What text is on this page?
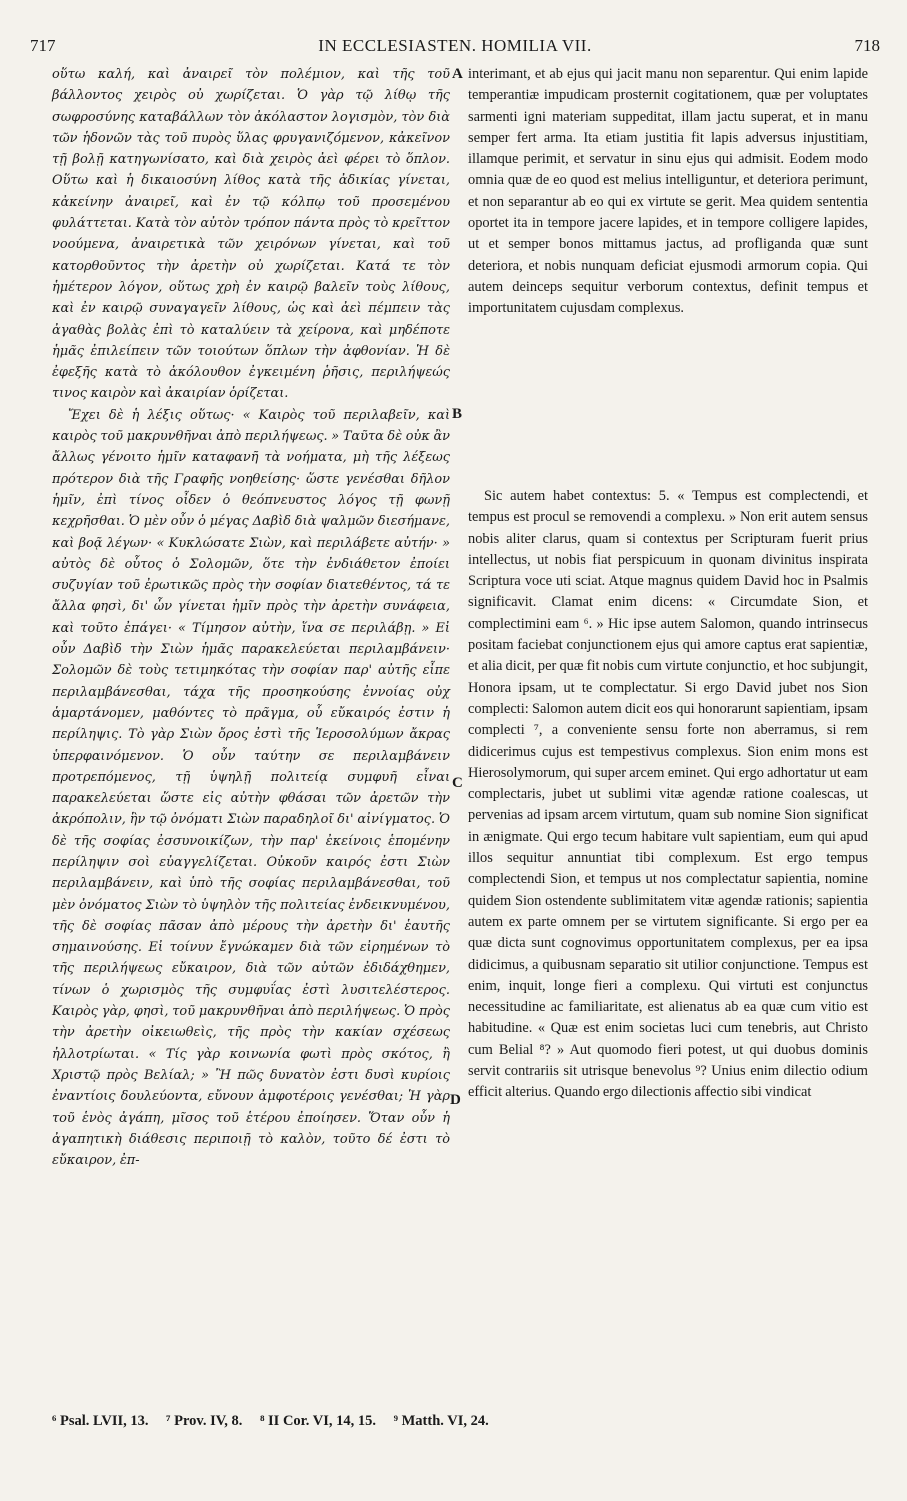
717	IN ECCLESIASTEN. HOMILIA VII.	718

οὕτω καλή, καὶ ἀναιρεῖ τὸν πολέμιον, καὶ τῆς τοῦ βάλλοντος χειρὸς οὐ χωρίζεται. Ὁ γὰρ τῷ λίθῳ τῆς σωφροσύνης καταβάλλων τὸν ἀκόλαστον λογισμὸν, τὸν διὰ τῶν ἡδονῶν τὰς τοῦ πυρὸς ὕλας φρυγανιζόμενον, κἀκεῖνον τῇ βολῇ κατηγωνίσατο, καὶ διὰ χειρὸς ἀεὶ φέρει τὸ ὅπλον. Οὕτω καὶ ἡ δικαιοσύνη λίθος κατὰ τῆς ἀδικίας γίνεται, κἀκείνην ἀναιρεῖ, καὶ ἐν τῷ κόλπῳ τοῦ προσεμένου φυλάττεται. Κατὰ τὸν αὐτὸν τρόπον πάντα πρὸς τὸ κρεῖττον νοούμενα, ἀναιρετικὰ τῶν χειρόνων γίνεται, καὶ τοῦ κατορθοῦντος τὴν ἀρετὴν οὐ χωρίζεται. Κατά τε τὸν ἡμέτερον λόγον, οὕτως χρὴ ἐν καιρῷ βαλεῖν τοὺς λίθους, καὶ ἐν καιρῷ συναγαγεῖν λίθους, ὡς καὶ ἀεὶ πέμπειν τὰς ἀγαθὰς βολὰς ἐπὶ τὸ καταλύειν τὰ χείρονα, καὶ μηδέποτε ἡμᾶς ἐπιλείπειν τῶν τοιούτων ὅπλων τὴν ἀφθονίαν. Ἡ δὲ ἐφεξῆς κατὰ τὸ ἀκόλουθον ἐγκειμένη ῥῆσις, περιλήψεώς τινος καιρὸν καὶ ἀκαιρίαν ὁρίζεται.

Ἔχει δὲ ἡ λέξις οὕτως· « Καιρὸς τοῦ περιλαβεῖν, καὶ καιρὸς τοῦ μακρυνθῆναι ἀπὸ περιλήψεως. » Ταῦτα δὲ οὐκ ἂν ἄλλως γένοιτο ἡμῖν καταφανῆ τὰ νοήματα, μὴ τῆς λέξεως πρότερον διὰ τῆς Γραφῆς νοηθείσης· ὥστε γενέσθαι δῆλον ἡμῖν, ἐπὶ τίνος οἶδεν ὁ θεόπνευστος λόγος τῇ φωνῇ κεχρῆσθαι. Ὁ μὲν οὖν ὁ μέγας Δαβὶδ διὰ ψαλμῶν διεσήμανε, καὶ βοᾷ λέγων· « Κυκλώσατε Σιὼν, καὶ περιλάβετε αὐτήν· » αὐτὸς δὲ οὗτος ὁ Σολομῶν, ὅτε τὴν ἐνδιάθετον ἐποίει συζυγίαν τοῦ ἐρωτικῶς πρὸς τὴν σοφίαν διατεθέντος, τά τε ἄλλα φησὶ, δι' ὧν γίνεται ἡμῖν πρὸς τὴν ἀρετὴν συνάφεια, καὶ τοῦτο ἐπάγει· « Τίμησον αὐτὴν, ἵνα σε περιλάβῃ. » Εἰ οὖν Δαβὶδ τὴν Σιὼν ἡμᾶς παρακελεύεται περιλαμβάνειν· Σολομῶν δὲ τοὺς τετιμηκότας τὴν σοφίαν παρ' αὐτῆς εἶπε περιλαμβάνεσθαι, τάχα τῆς προσηκούσης ἐννοίας οὐχ ἁμαρτάνομεν, μαθόντες τὸ πρᾶγμα, οὗ εὔκαιρός ἐστιν ἡ περίληψις. Τὸ γὰρ Σιὼν ὄρος ἐστὶ τῆς Ἱεροσολύμων ἄκρας ὑπερφαινόμενον. Ὁ οὖν ταύτην σε περιλαμβάνειν προτρεπόμενος, τῇ ὑψηλῇ πολιτείᾳ συμφυῆ εἶναι παρακελεύεται ὥστε εἰς αὐτὴν φθάσαι τῶν ἀρετῶν τὴν ἀκρόπολιν, ἣν τῷ ὀνόματι Σιὼν παραδηλοῖ δι' αἰνίγματος. Ὁ δὲ τῆς σοφίας ἐσσυνοικίζων, τὴν παρ' ἐκείνοις ἑπομένην περίληψιν σοὶ εὐαγγελίζεται. Οὐκοῦν καιρός ἐστι Σιὼν περιλαμβάνειν, καὶ ὑπὸ τῆς σοφίας περιλαμβάνεσθαι, τοῦ μὲν ὀνόματος Σιὼν τὸ ὑψηλὸν τῆς πολιτείας ἐνδεικνυμένου, τῆς δὲ σοφίας πᾶσαν ἀπὸ μέρους τὴν ἀρετὴν δι' ἑαυτῆς σημαινούσης. Εἰ τοίνυν ἔγνώκαμεν διὰ τῶν εἰρημένων τὸ τῆς περιλήψεως εὔκαιρον, διὰ τῶν αὐτῶν ἐδιδάχθημεν, τίνων ὁ χωρισμὸς τῆς συμφυΐας ἐστὶ λυσιτελέστερος. Καιρὸς γὰρ, φησὶ, τοῦ μακρυνθῆναι ἀπὸ περιλήψεως. Ὁ πρὸς τὴν ἀρετὴν οἰκειωθεὶς, τῆς πρὸς τὴν κακίαν σχέσεως ἠλλοτρίωται. « Τίς γὰρ κοινωνία φωτὶ πρὸς σκότος, ἢ Χριστῷ πρὸς Βελίαλ; » Ἢ πῶς δυνατὸν ἐστι δυσὶ κυρίοις ἐναντίοις δουλεύοντα, εὔνουν ἀμφοτέροις γενέσθαι; Ἡ γὰρ τοῦ ἑνὸς ἀγάπη, μῖσος τοῦ ἑτέρου ἐποίησεν. Ὅταν οὖν ἡ ἀγαπητικὴ διάθεσις περιποιῇ τὸ καλὸν, τοῦτο δέ ἐστι τὸ εὔκαιρον, ἐπ-

interimant, et ab ejus qui jacit manu non separentur. Qui enim lapide temperantiæ impudicam prosternit cogitationem, quæ per voluptates sarmenti igni materiam suppeditat, illam jactu superat, et in manu semper fert arma. Ita etiam justitia fit lapis adversus injustitiam, illamque perimit, et servatur in sinu ejus qui admisit. Eodem modo omnia quæ de eo quod est melius intelliguntur, et deteriora perimunt, et non separantur ab eo qui ex virtute se gerit. Mea quidem sententia oportet ita in tempore jacere lapides, et in tempore colligere lapides, ut et semper bonos mittamus jactus, ad profliganda quæ sunt deteriora, et nobis nunquam deficiat ejusmodi armorum copia. Qui autem deinceps sequitur verborum contextus, definit tempus et importunitatem cujusdam complexus.

Sic autem habet contextus: 5. « Tempus est complectendi, et tempus est procul se removendi a complexu. » Non erit autem sensus nobis aliter clarus, quam si contextus per Scripturam fuerit prius intellectus, ut nobis fiat perspicuum in quonam divinitus inspirata Scriptura voce uti sciat. Atque magnus quidem David hoc in Psalmis significavit. Clamat enim dicens: « Circumdate Sion, et complectimini eam ⁶. » Hic ipse autem Salomon, quando intrinsecus positam faciebat conjunctionem ejus qui amore captus erat sapientiæ, et alia dicit, per quæ fit nobis cum virtute conjunctio, et hoc subjungit, Honora ipsam, ut te complectatur. Si ergo David jubet nos Sion complecti: Salomon autem dicit eos qui honorarunt sapientiam, ipsam complecti ⁷, a conveniente sensu forte non aberramus, si rem didicerimus cujus est tempestivus complexus. Sion enim mons est Hierosolymorum, qui super arcem eminet. Qui ergo adhortatur ut eam complectaris, jubet ut sublimi vitæ agendæ ratione coalescas, ut pervenias ad ipsam arcem virtutum, quam sub nomine Sion significat in ænigmate. Qui ergo tecum habitare vult sapientiam, eum qui apud illos sequitur annuntiat tibi complexum. Est ergo tempus complectendi Sion, et tempus ut nos complectatur sapientia, nomine quidem Sion ostendente sublimitatem vitæ agendæ rationis; sapientia autem ex parte omnem per se virtutem significante. Si ergo per ea quæ dicta sunt cognovimus opportunitatem complexus, per ea ipsa didicimus, a quibusnam separatio sit utilior conjunctione. Tempus est enim, inquit, longe fieri a complexu. Qui virtuti est conjunctus necessitudine ac familiaritate, est alienatus ab ea quæ cum vitio est habitudine. « Quæ est enim societas luci cum tenebris, aut Christo cum Belial ⁸? » Aut quomodo fieri potest, ut qui duobus dominis servit contrariis sit utrisque benevolus ⁹? Unius enim dilectio odium efficit alterius. Quando ergo dilectionis affectio sibi vindicat

A
B
C
D
⁶ Psal. LVII, 13. ⁷ Prov. IV, 8. ⁸ II Cor. VI, 14, 15. ⁹ Matth. VI, 24.
